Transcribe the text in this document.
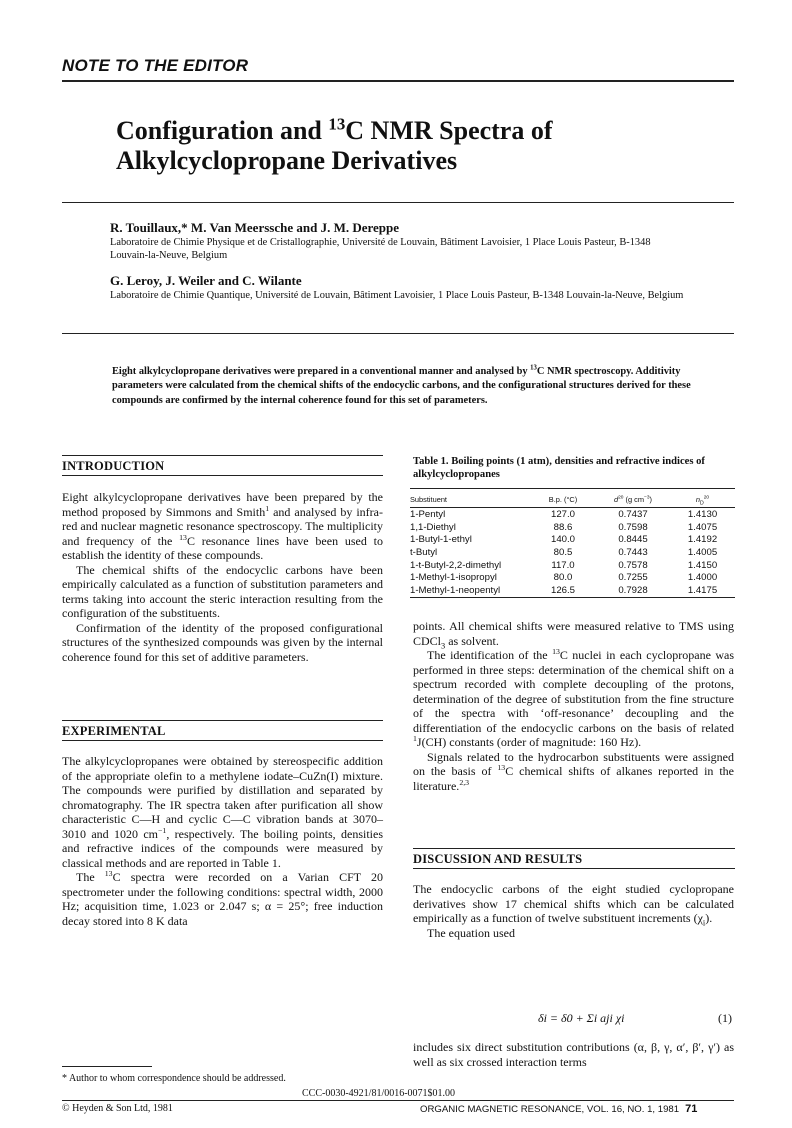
NOTE TO THE EDITOR
Configuration and $^{13}$C NMR Spectra of
Alkylcyclopropane Derivatives
R. Touillaux,* M. Van Meerssche and J. M. Dereppe
Laboratoire de Chimie Physique et de Cristallographie, Université de Louvain, Bâtiment Lavoisier, 1 Place Louis Pasteur, B-1348 Louvain-la-Neuve, Belgium
G. Leroy, J. Weiler and C. Wilante
Laboratoire de Chimie Quantique, Université de Louvain, Bâtiment Lavoisier, 1 Place Louis Pasteur, B-1348 Louvain-la-Neuve, Belgium
Eight alkylcyclopropane derivatives were prepared in a conventional manner and analysed by $^{13}$C NMR spectroscopy. Additivity parameters were calculated from the chemical shifts of the endocyclic carbons, and the configurational structures derived for these compounds are confirmed by the internal coherence found for this set of parameters.
INTRODUCTION

Eight alkylcyclopropane derivatives have been prepared by the method proposed by Simmons and Smith$^1$ and analysed by infra-red and nuclear magnetic resonance spectroscopy. The multiplicity and frequency of the $^{13}$C resonance lines have been used to establish the identity of these compounds.

The chemical shifts of the endocyclic carbons have been empirically calculated as a function of substitution parameters and terms taking into account the steric interaction resulting from the configuration of the substituents.

Confirmation of the identity of the proposed configurational structures of the synthesized compounds was given by the internal coherence found for this set of additive parameters.

EXPERIMENTAL

The alkylcyclopropanes were obtained by stereospecific addition of the appropriate olefin to a methylene iodate–CuZn(I) mixture. The compounds were purified by distillation and separated by chromatography. The IR spectra taken after purification all show characteristic C—H and cyclic C—C vibration bands at 3070–3010 and 1020 $cm^{-1}$, respectively. The boiling points, densities and refractive indices of the compounds were measured by classical methods and are reported in Table 1.

The $^{13}$C spectra were recorded on a Varian CFT 20 spectrometer under the following conditions: spectral width, 2000 Hz; acquisition time, 1.023 or 2.047 s; α = 25°; free induction decay stored into 8 K data

Table 1. Boiling points (1 atm), densities and refractive indices of alkylcyclopropanes
Substituent	B.p. (°C)	$d^{20}$ (g $cm^{-3}$)	$n_D^{20}$
1-Pentyl	127.0	0.7437	1.4130
1,1-Diethyl	88.6	0.7598	1.4075
1-Butyl-1-ethyl	140.0	0.8445	1.4192
t-Butyl	80.5	0.7443	1.4005
1-t-Butyl-2,2-dimethyl	117.0	0.7578	1.4150
1-Methyl-1-isopropyl	80.0	0.7255	1.4000
1-Methyl-1-neopentyl	126.5	0.7928	1.4175

points. All chemical shifts were measured relative to TMS using CDCl$_3$ as solvent.

The identification of the $^{13}$C nuclei in each cyclopropane was performed in three steps: determination of the chemical shift on a spectrum recorded with complete decoupling of the protons, determination of the degree of substitution from the fine structure of the spectra with ‘off-resonance’ decoupling and the differentiation of the endocyclic carbons on the basis of related $^1$J(CH) constants (order of magnitude: 160 Hz).

Signals related to the hydrocarbon substituents were assigned on the basis of $^{13}$C chemical shifts of alkanes reported in the literature.$^{2,3}$

DISCUSSION AND RESULTS

The endocyclic carbons of the eight studied cyclopropane derivatives show 17 chemical shifts which can be calculated empirically as a function of twelve substituent increments $(\chi_i)$.

The equation used

δi = δ0 + Σi aji χi	(1)

includes six direct substitution contributions (α, β, γ, α′, β′, γ′) as well as six crossed interaction terms

* Author to whom correspondence should be addressed.
CCC-0030-4921/81/0016-0071$01.00
© Heyden & Son Ltd, 1981	ORGANIC MAGNETIC RESONANCE, VOL. 16, NO. 1, 1981 71
